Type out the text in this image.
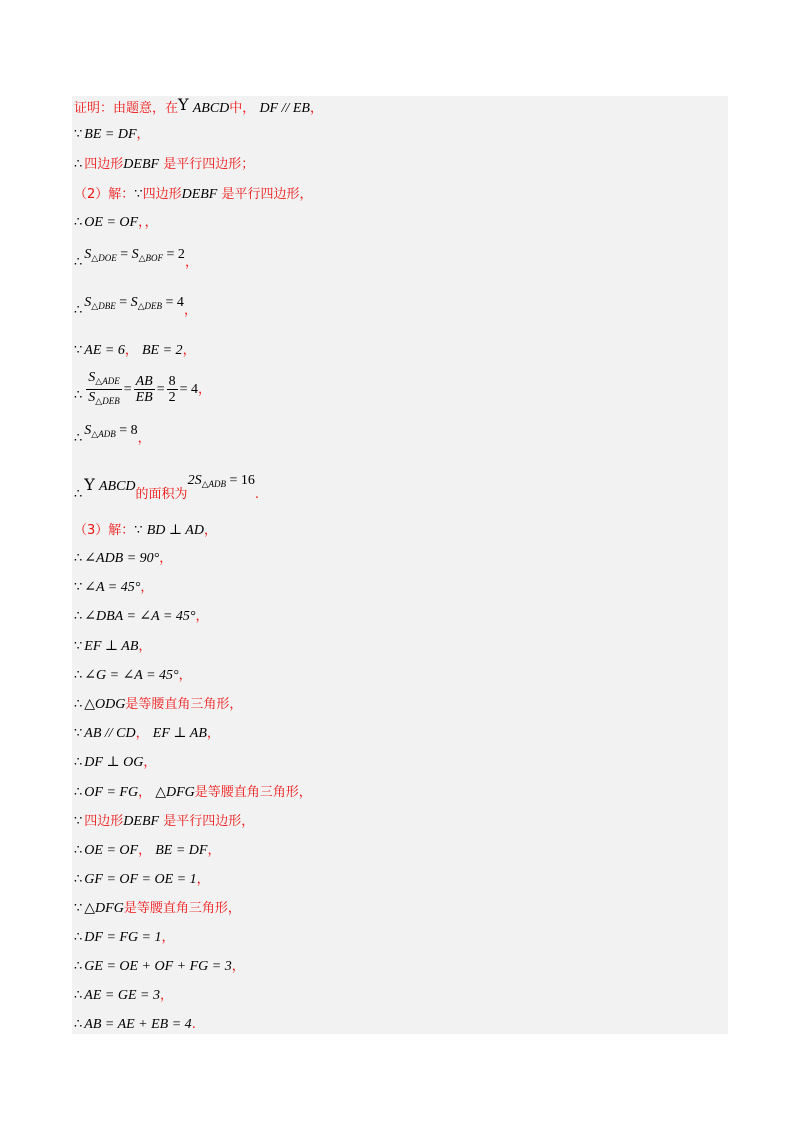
证明：由题意，在Y ABCD中， DF // EB，
∵ BE = DF，
∴ 四边形DEBF 是平行四边形；
（2）解：∵四边形DEBF 是平行四边形，
∴ OE = OF，，
$\therefore S_{\triangle DOE} = S_{\triangle BOF} = 2$，
$\therefore S_{\triangle DBE} = S_{\triangle DEB} = 4$，
∵ AE = 6， BE = 2，
∴ $\frac{S_{\triangle ADE}}{S_{\triangle DEB}} = \frac{AB}{EB} = \frac{8}{2} = 4$，
$\therefore S_{\triangle ADB} = 8$，
∴Y ABCD的面积为$2S_{\triangle ADB} = 16$.
（3）解：∵ BD ⊥ AD，
∴ ∠ADB = 90°，
∵ ∠A = 45°，
∴ ∠DBA = ∠A = 45°，
∵ EF ⊥ AB，
∴ ∠G = ∠A = 45°，
∴ △ODG是等腰直角三角形，
∵ AB // CD， EF ⊥ AB，
∴ DF ⊥ OG，
∴ OF = FG， △DFG是等腰直角三角形，
∵ 四边形DEBF 是平行四边形，
∴ OE = OF， BE = DF，
∴ GF = OF = OE = 1，
∵ △DFG是等腰直角三角形，
∴ DF = FG = 1，
∴ GE = OE + OF + FG = 3，
∴ AE = GE = 3，
∴ AB = AE + EB = 4.
